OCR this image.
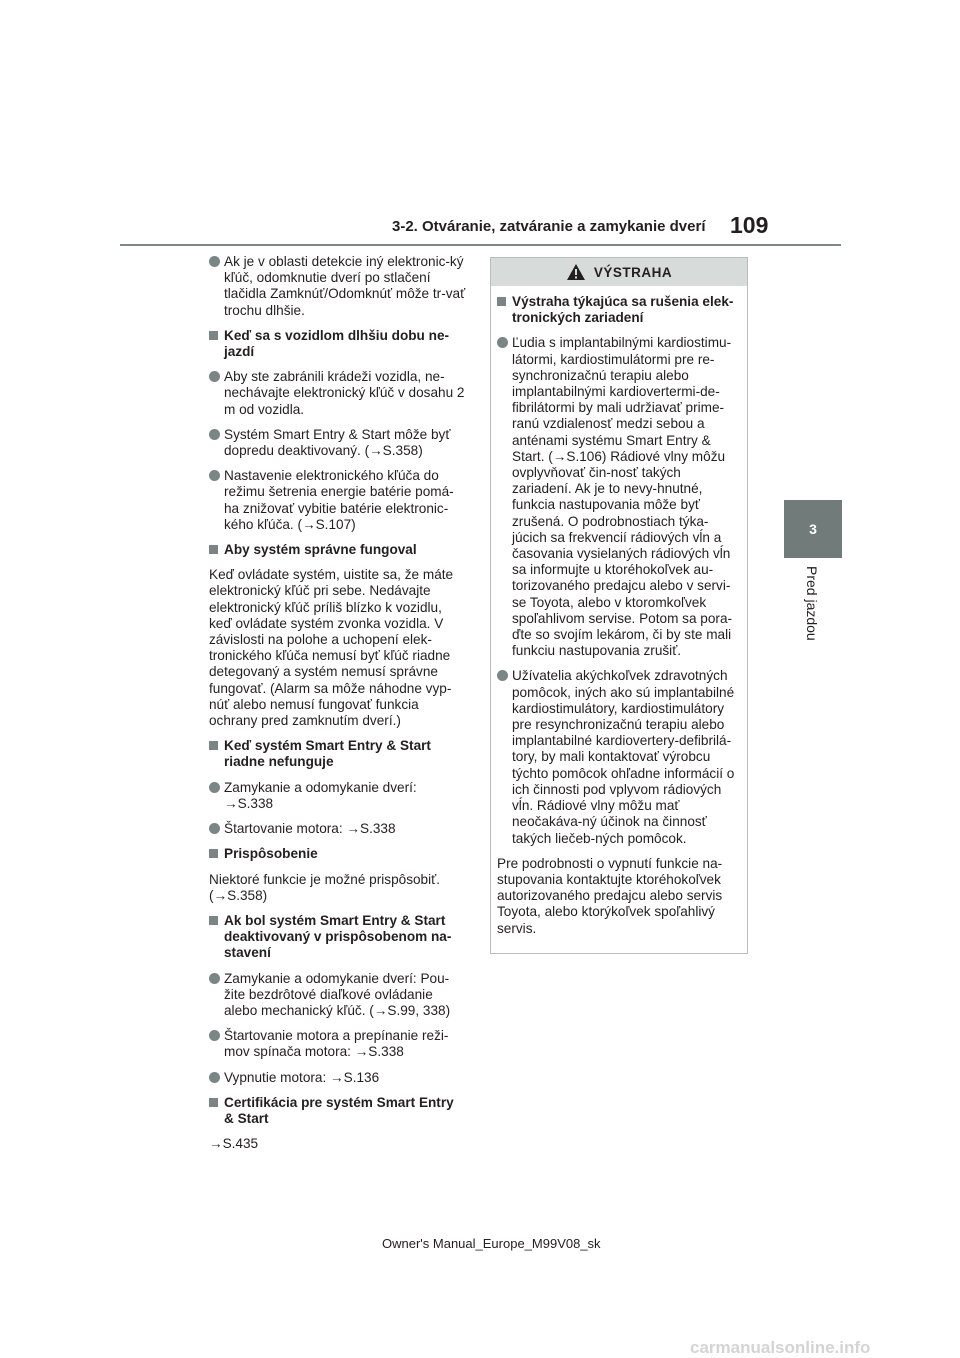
3-2. Otváranie, zatváranie a zamykanie dverí 109
3
Pred jazdou
Ak je v oblasti detekcie iný elektronic-ký kľúč, odomknutie dverí po stlačení tlačidla Zamknúť/Odomknúť môže tr-vať trochu dlhšie.
Keď sa s vozidlom dlhšiu dobu ne-jazdí
Aby ste zabránili krádeži vozidla, ne-nechávajte elektronický kľúč v dosahu 2 m od vozidla.
Systém Smart Entry & Start môže byť dopredu deaktivovaný. (→S.358)
Nastavenie elektronického kľúča do režimu šetrenia energie batérie pomá-ha znižovať vybitie batérie elektronic-kého kľúča. (→S.107)
Aby systém správne fungoval
Keď ovládate systém, uistite sa, že máte elektronický kľúč pri sebe. Nedávajte elektronický kľúč príliš blízko k vozidlu, keď ovládate systém zvonka vozidla. V závislosti na polohe a uchopení elek-tronického kľúča nemusí byť kľúč riadne detegovaný a systém nemusí správne fungovať. (Alarm sa môže náhodne vyp-núť alebo nemusí fungovať funkcia ochrany pred zamknutím dverí.)
Keď systém Smart Entry & Start riadne nefunguje
Zamykanie a odomykanie dverí: →S.338
Štartovanie motora: →S.338
Prispôsobenie
Niektoré funkcie je možné prispôsobiť. (→S.358)
Ak bol systém Smart Entry & Start deaktivovaný v prispôsobenom na-stavení
Zamykanie a odomykanie dverí: Pou-žite bezdrôtové diaľkové ovládanie alebo mechanický kľúč. (→S.99, 338)
Štartovanie motora a prepínanie reži-mov spínača motora: →S.338
Vypnutie motora: →S.136
Certifikácia pre systém Smart Entry & Start
→S.435
VÝSTRAHA
Výstraha týkajúca sa rušenia elek-tronických zariadení
Ľudia s implantabilnými kardiostimu-látormi, kardiostimulátormi pre re-synchronizačnú terapiu alebo implantabilnými kardiovertermi-de-fibrilátormi by mali udržiavať prime-ranú vzdialenosť medzi sebou a anténami systému Smart Entry & Start. (→S.106) Rádiové vlny môžu ovplyvňovať čin-nosť takých zariadení. Ak je to nevy-hnutné, funkcia nastupovania môže byť zrušená. O podrobnostiach týka-júcich sa frekvencií rádiových vĺn a časovania vysielaných rádiových vĺn sa informujte u ktoréhokoľvek au-torizovaného predajcu alebo v servi-se Toyota, alebo v ktoromkoľvek spoľahlivom servise. Potom sa pora-ďte so svojím lekárom, či by ste mali funkciu nastupovania zrušiť.
Užívatelia akýchkoľvek zdravotných pomôcok, iných ako sú implantabilné kardiostimulátory, kardiostimulátory pre resynchronizačnú terapiu alebo implantabilné kardiovertery-defibrilá-tory, by mali kontaktovať výrobcu týchto pomôcok ohľadne informácií o ich činnosti pod vplyvom rádiových vĺn. Rádiové vlny môžu mať neočakáva-ný účinok na činnosť takých liečeb-ných pomôcok.
Pre podrobnosti o vypnutí funkcie na-stupovania kontaktujte ktoréhokoľvek autorizovaného predajcu alebo servis Toyota, alebo ktorýkoľvek spoľahlivý servis.
Owner's Manual_Europe_M99V08_sk
carmanualsonline.info
